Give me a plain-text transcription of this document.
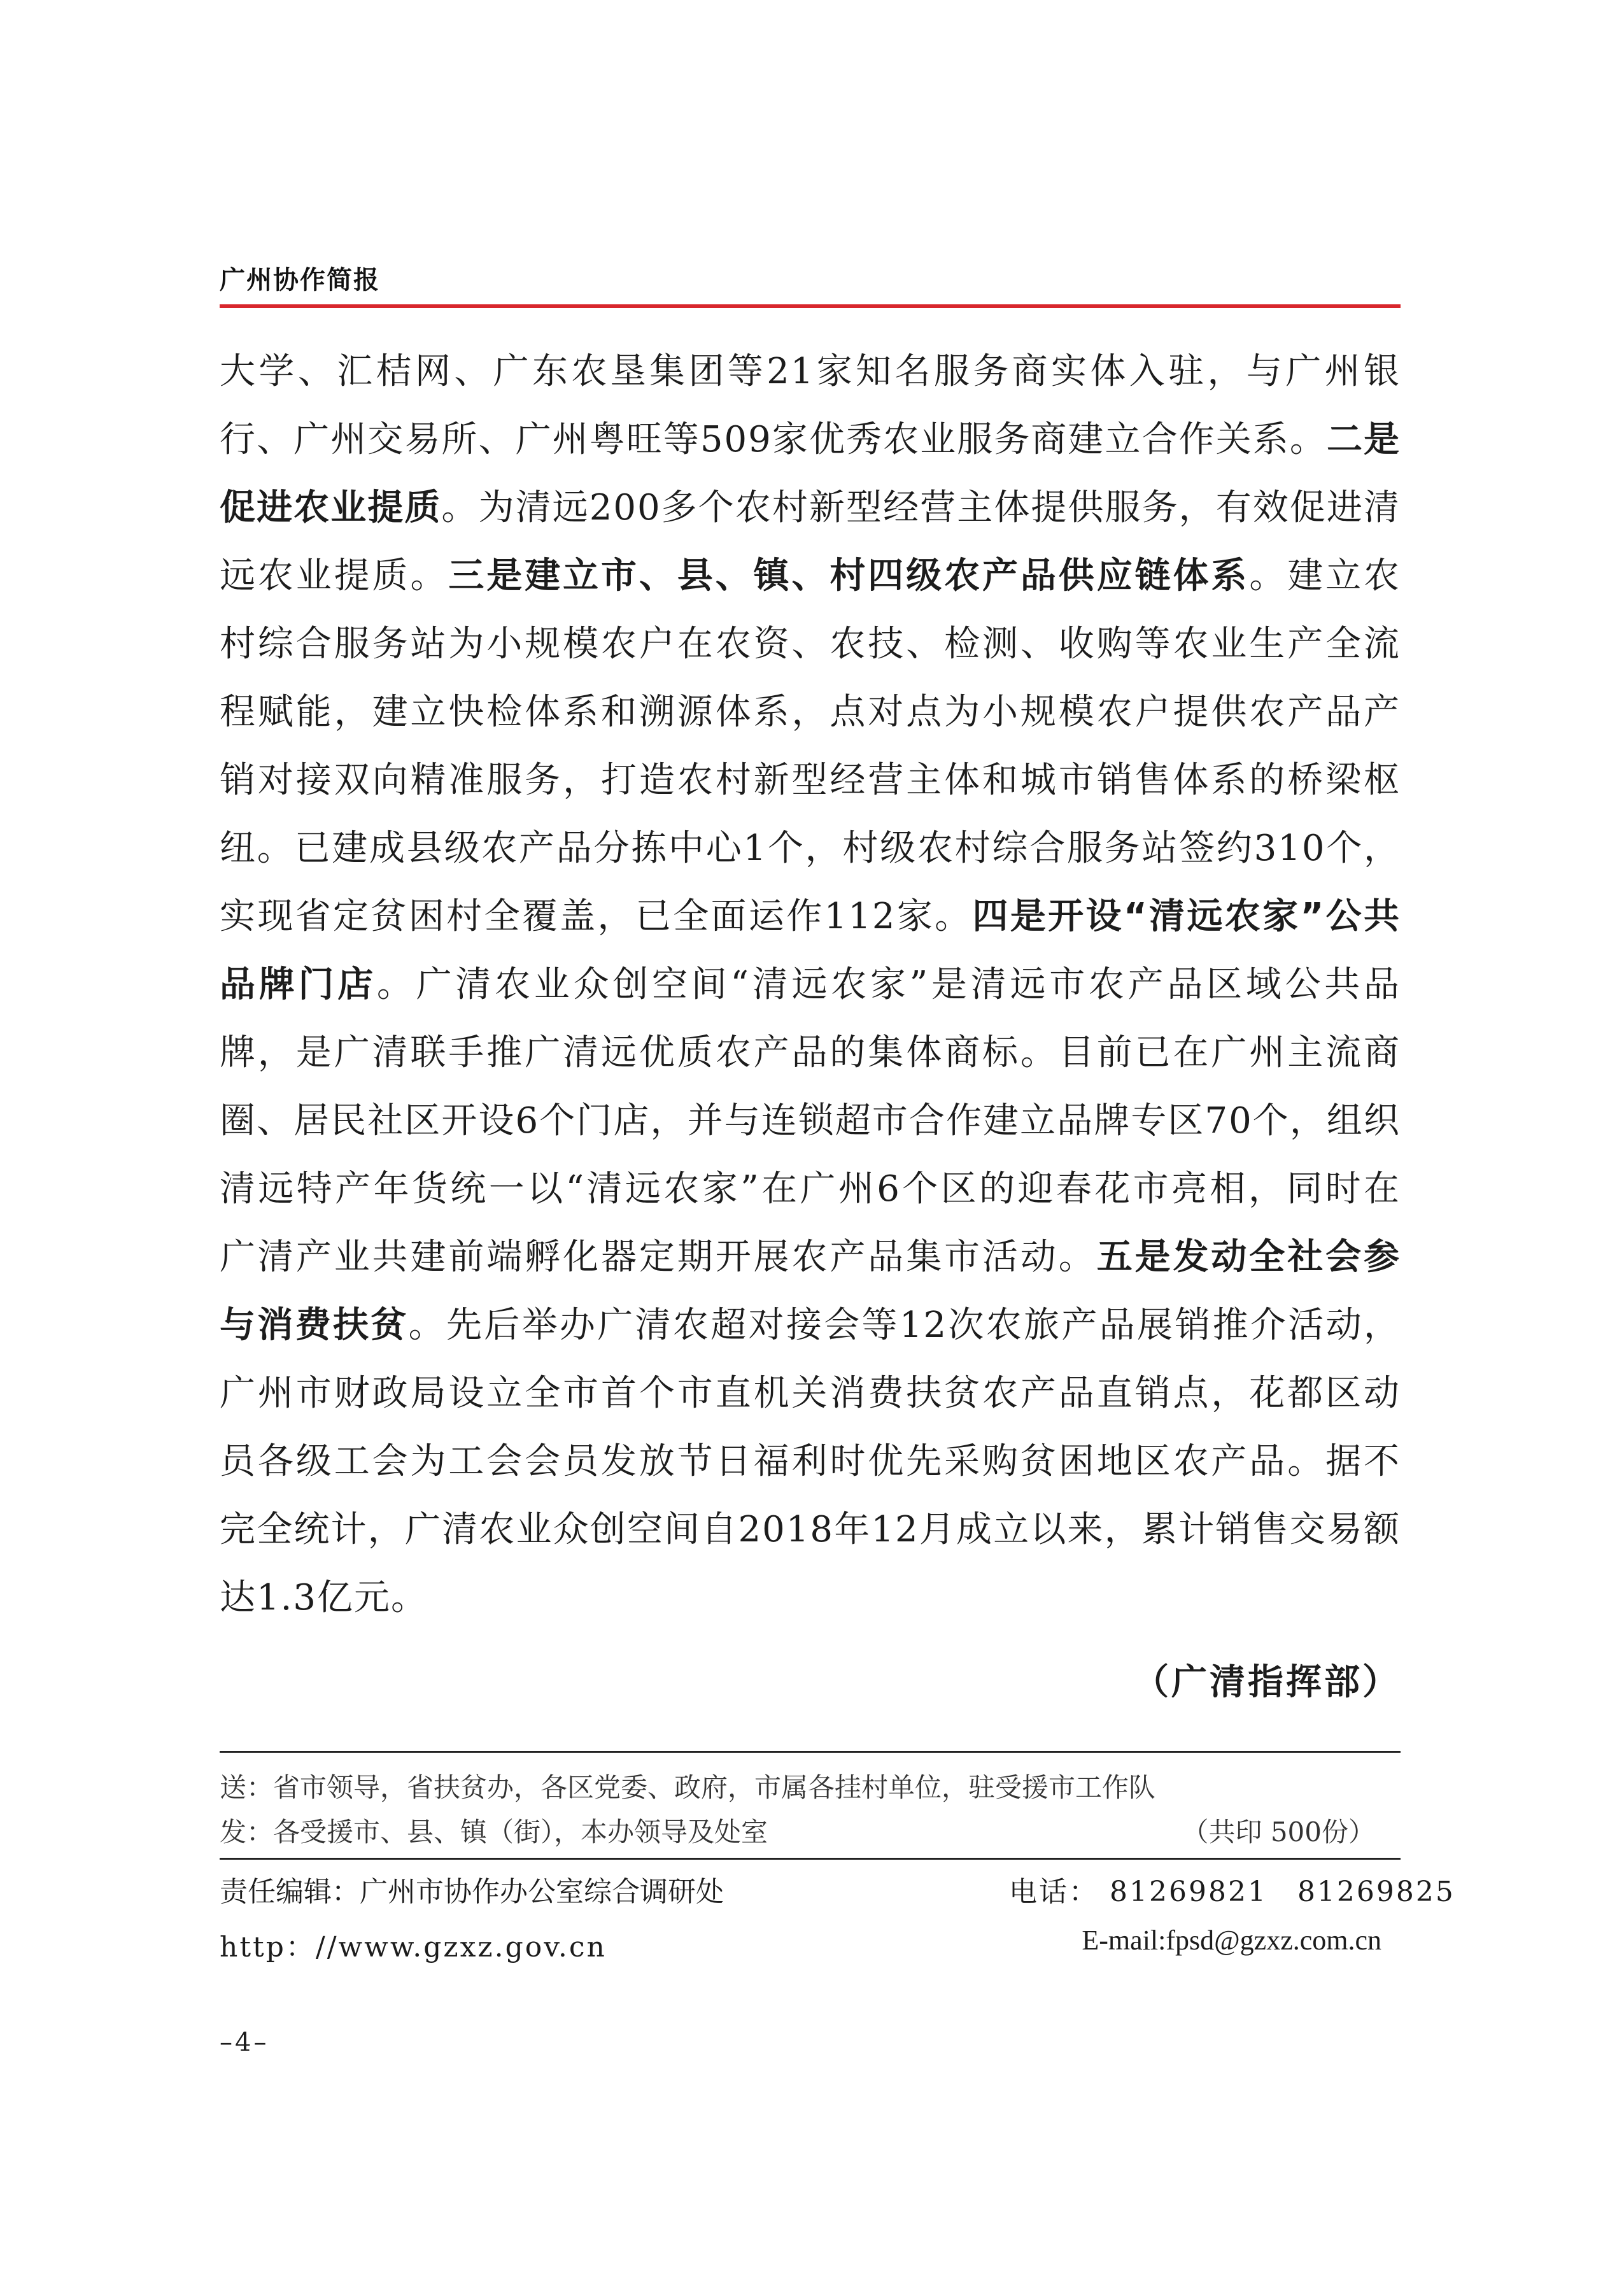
广州协作简报
大学、汇桔网、广东农垦集团等21家知名服务商实体入驻，与广州银
行、广州交易所、广州粤旺等509家优秀农业服务商建立合作关系。二是
促进农业提质。为清远200多个农村新型经营主体提供服务，有效促进清
远农业提质。三是建立市、县、镇、村四级农产品供应链体系。建立农
村综合服务站为小规模农户在农资、农技、检测、收购等农业生产全流
程赋能，建立快检体系和溯源体系，点对点为小规模农户提供农产品产
销对接双向精准服务，打造农村新型经营主体和城市销售体系的桥梁枢
纽。已建成县级农产品分拣中心1个，村级农村综合服务站签约310个，
实现省定贫困村全覆盖，已全面运作112家。四是开设“清远农家”公共
品牌门店。广清农业众创空间“清远农家”是清远市农产品区域公共品
牌，是广清联手推广清远优质农产品的集体商标。目前已在广州主流商
圈、居民社区开设6个门店，并与连锁超市合作建立品牌专区70个，组织
清远特产年货统一以“清远农家”在广州6个区的迎春花市亮相，同时在
广清产业共建前端孵化器定期开展农产品集市活动。五是发动全社会参
与消费扶贫。先后举办广清农超对接会等12次农旅产品展销推介活动，
广州市财政局设立全市首个市直机关消费扶贫农产品直销点，花都区动
员各级工会为工会会员发放节日福利时优先采购贫困地区农产品。据不
完全统计，广清农业众创空间自2018年12月成立以来，累计销售交易额
达1.3亿元。
（广清指挥部）
送：省市领导，省扶贫办，各区党委、政府，市属各挂村单位，驻受援市工作队
发：各受援市、县、镇（街），本办领导及处室	（共印 500份）
责任编辑：广州市协作办公室综合调研处	电话： 81269821　81269825
http：//www.gzxz.gov.cn	E-mail:fpsd@gzxz.com.cn
–4–
